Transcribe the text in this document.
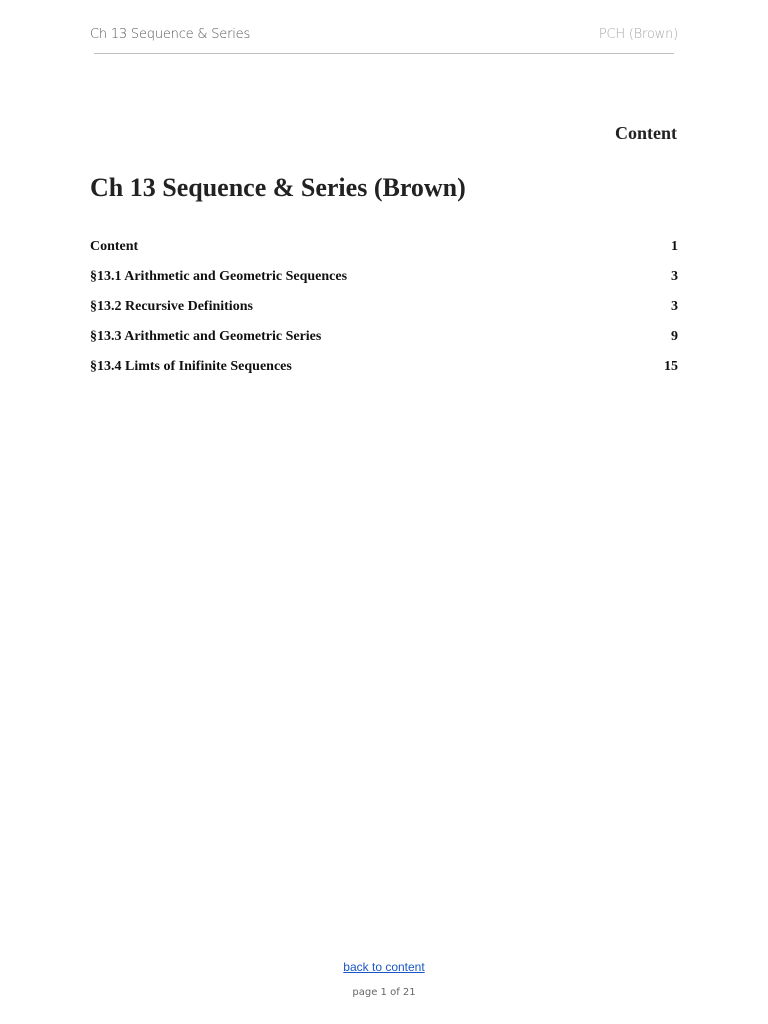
Ch 13 Sequence & Series	PCH (Brown)
Content
Ch 13 Sequence & Series (Brown)
Content	1
§13.1 Arithmetic and Geometric Sequences	3
§13.2 Recursive Definitions	3
§13.3 Arithmetic and Geometric Series	9
§13.4 Limts of Inifinite Sequences	15
back to content
page 1 of 21
